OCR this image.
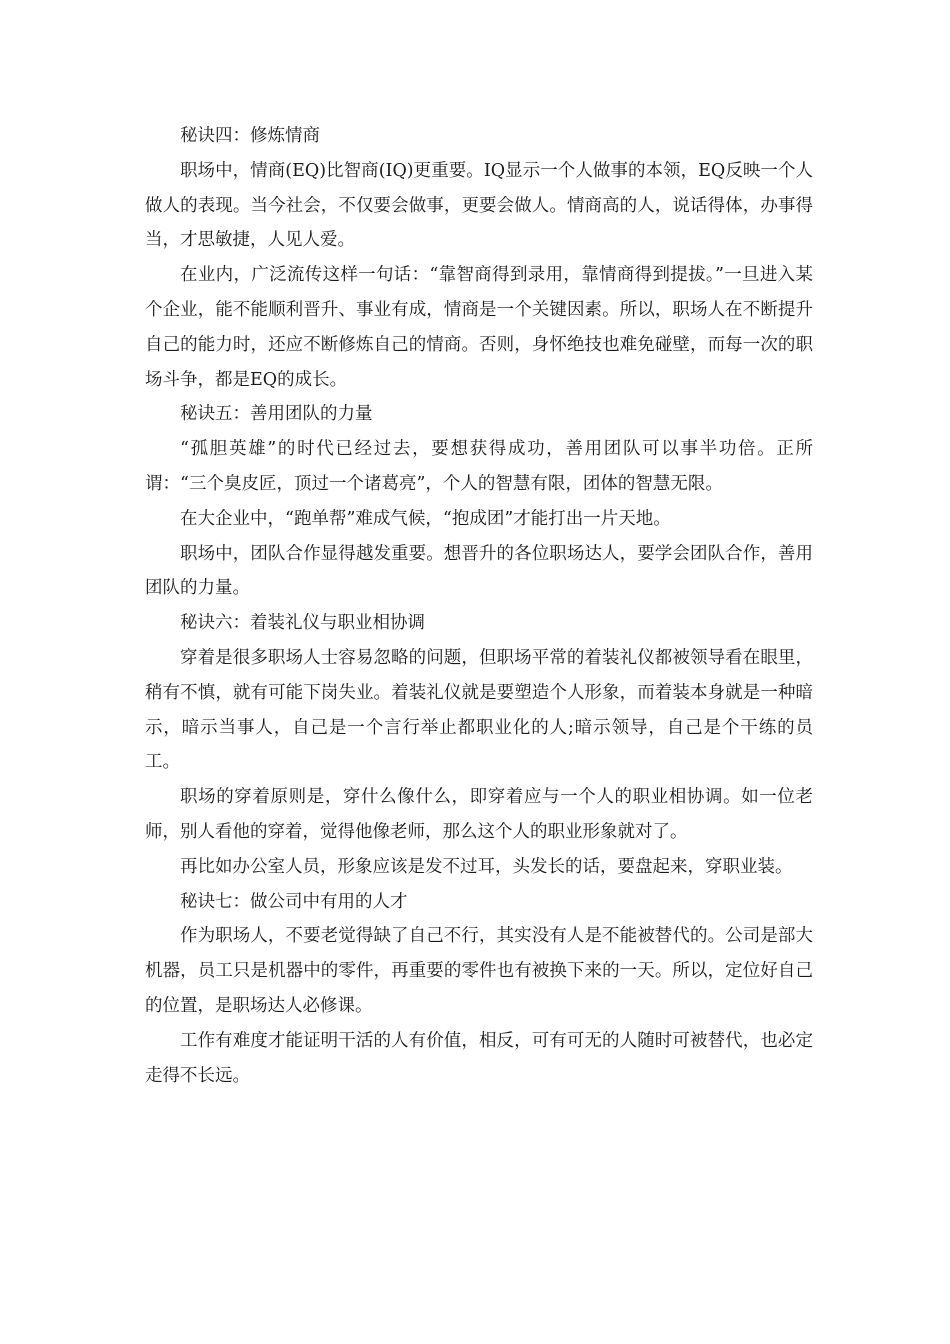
秘诀四：修炼情商

职场中，情商(EQ)比智商(IQ)更重要。IQ显示一个人做事的本领，EQ反映一个人做人的表现。当今社会，不仅要会做事，更要会做人。情商高的人，说话得体，办事得当，才思敏捷，人见人爱。

在业内，广泛流传这样一句话：“靠智商得到录用，靠情商得到提拔。”一旦进入某个企业，能不能顺利晋升、事业有成，情商是一个关键因素。所以，职场人在不断提升自己的能力时，还应不断修炼自己的情商。否则，身怀绝技也难免碰壁，而每一次的职场斗争，都是EQ的成长。

秘诀五：善用团队的力量

“孤胆英雄”的时代已经过去，要想获得成功，善用团队可以事半功倍。正所谓：“三个臭皮匠，顶过一个诸葛亮”，个人的智慧有限，团体的智慧无限。

在大企业中，“跑单帮”难成气候，“抱成团”才能打出一片天地。

职场中，团队合作显得越发重要。想晋升的各位职场达人，要学会团队合作，善用团队的力量。

秘诀六：着装礼仪与职业相协调

穿着是很多职场人士容易忽略的问题，但职场平常的着装礼仪都被领导看在眼里，稍有不慎，就有可能下岗失业。着装礼仪就是要塑造个人形象，而着装本身就是一种暗示，暗示当事人，自己是一个言行举止都职业化的人;暗示领导，自己是个干练的员工。

职场的穿着原则是，穿什么像什么，即穿着应与一个人的职业相协调。如一位老师，别人看他的穿着，觉得他像老师，那么这个人的职业形象就对了。

再比如办公室人员，形象应该是发不过耳，头发长的话，要盘起来，穿职业装。

秘诀七：做公司中有用的人才

作为职场人，不要老觉得缺了自己不行，其实没有人是不能被替代的。公司是部大机器，员工只是机器中的零件，再重要的零件也有被换下来的一天。所以，定位好自己的位置，是职场达人必修课。

工作有难度才能证明干活的人有价值，相反，可有可无的人随时可被替代，也必定走得不长远。
